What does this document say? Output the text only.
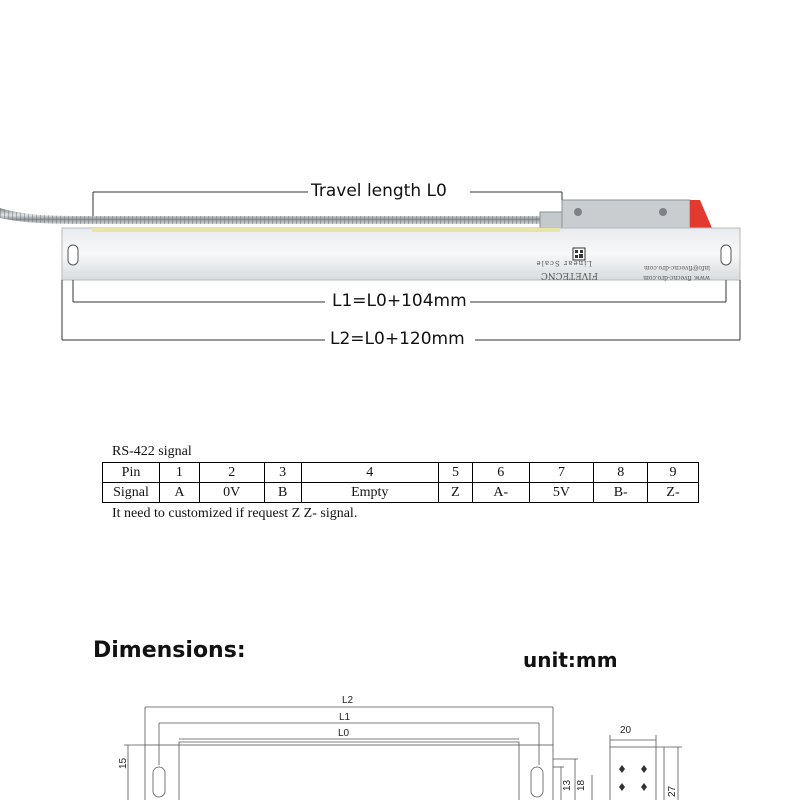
www. fivecnc-dro.com
info@fivecnc-dro.com
FIVETECNC
Linear Scale
Travel length L0
L1=L0+104mm
L2=L0+120mm
RS-422 signal
Pin	1	2	3	4	5	6	7	8	9
Signal	A	0V	B	Empty	Z	A-	5V	B-	Z-
It need to customized if request Z Z- signal.
Dimensions:	unit:mm
L2
L1
L0
15
13 18
20
27
